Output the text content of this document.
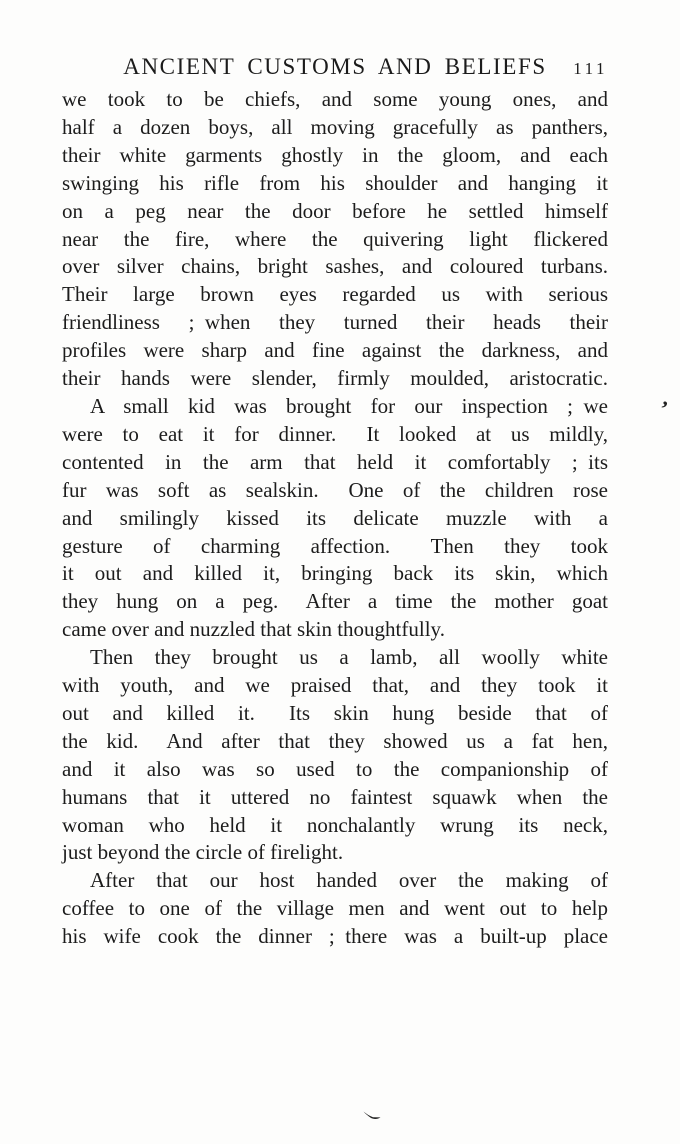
ANCIENT CUSTOMS AND BELIEFS	111
we took to be chiefs, and some young ones, and
half a dozen boys, all moving gracefully as panthers,
their white garments ghostly in the gloom, and each
swinging his rifle from his shoulder and hanging it
on a peg near the door before he settled himself
near the fire, where the quivering light flickered
over silver chains, bright sashes, and coloured turbans.
Their large brown eyes regarded us with serious
friendliness ; when they turned their heads their
profiles were sharp and fine against the darkness, and
their hands were slender, firmly moulded, aristocratic.
A small kid was brought for our inspection ; we
were to eat it for dinner.  It looked at us mildly,
contented in the arm that held it comfortably ; its
fur was soft as sealskin.  One of the children rose
and smilingly kissed its delicate muzzle with a
gesture of charming affection.  Then they took
it out and killed it, bringing back its skin, which
they hung on a peg.  After a time the mother goat
came over and nuzzled that skin thoughtfully.
Then they brought us a lamb, all woolly white
with youth, and we praised that, and they took it
out and killed it.  Its skin hung beside that of
the kid.  And after that they showed us a fat hen,
and it also was so used to the companionship of
humans that it uttered no faintest squawk when the
woman who held it nonchalantly wrung its neck,
just beyond the circle of firelight.
After that our host handed over the making of
coffee to one of the village men and went out to help
his wife cook the dinner ; there was a built-up place
’
